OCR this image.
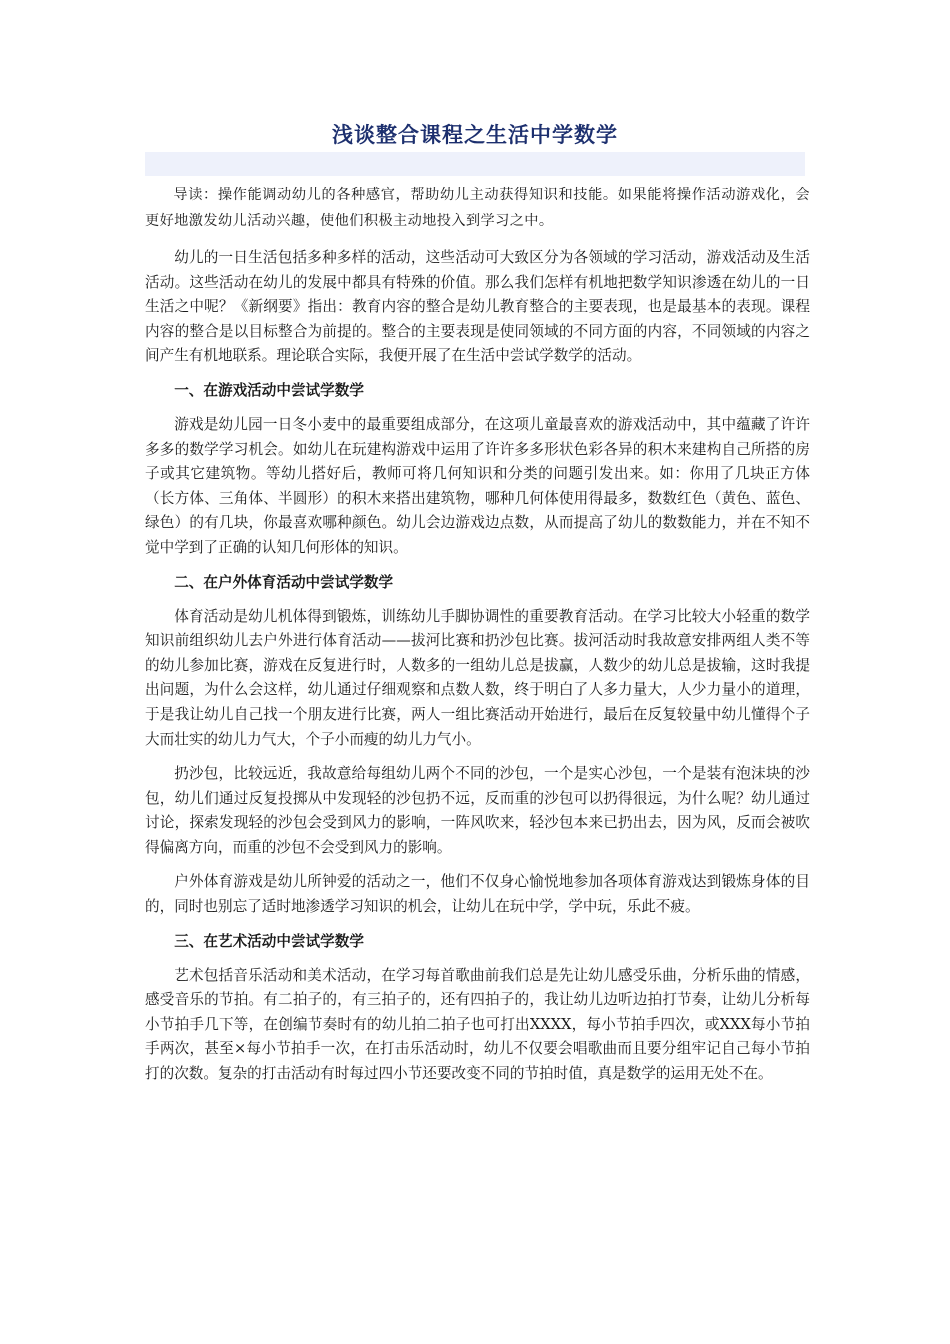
浅谈整合课程之生活中学数学

导读：操作能调动幼儿的各种感官，帮助幼儿主动获得知识和技能。如果能将操作活动游戏化，会更好地激发幼儿活动兴趣，使他们积极主动地投入到学习之中。

幼儿的一日生活包括多种多样的活动，这些活动可大致区分为各领域的学习活动，游戏活动及生活活动。这些活动在幼儿的发展中都具有特殊的价值。那么我们怎样有机地把数学知识渗透在幼儿的一日生活之中呢？《新纲要》指出：教育内容的整合是幼儿教育整合的主要表现，也是最基本的表现。课程内容的整合是以目标整合为前提的。整合的主要表现是使同领域的不同方面的内容，不同领域的内容之间产生有机地联系。理论联合实际，我便开展了在生活中尝试学数学的活动。

一、在游戏活动中尝试学数学

游戏是幼儿园一日冬小麦中的最重要组成部分，在这项儿童最喜欢的游戏活动中，其中蕴藏了许许多多的数学学习机会。如幼儿在玩建构游戏中运用了许许多多形状色彩各异的积木来建构自己所搭的房子或其它建筑物。等幼儿搭好后，教师可将几何知识和分类的问题引发出来。如：你用了几块正方体（长方体、三角体、半圆形）的积木来搭出建筑物，哪种几何体使用得最多，数数红色（黄色、蓝色、绿色）的有几块，你最喜欢哪种颜色。幼儿会边游戏边点数，从而提高了幼儿的数数能力，并在不知不觉中学到了正确的认知几何形体的知识。

二、在户外体育活动中尝试学数学

体育活动是幼儿机体得到锻炼，训练幼儿手脚协调性的重要教育活动。在学习比较大小轻重的数学知识前组织幼儿去户外进行体育活动——拔河比赛和扔沙包比赛。拔河活动时我故意安排两组人类不等的幼儿参加比赛，游戏在反复进行时，人数多的一组幼儿总是拔赢，人数少的幼儿总是拔输，这时我提出问题，为什么会这样，幼儿通过仔细观察和点数人数，终于明白了人多力量大，人少力量小的道理，于是我让幼儿自己找一个朋友进行比赛，两人一组比赛活动开始进行，最后在反复较量中幼儿懂得个子大而壮实的幼儿力气大，个子小而瘦的幼儿力气小。

扔沙包，比较远近，我故意给每组幼儿两个不同的沙包，一个是实心沙包，一个是装有泡沫块的沙包，幼儿们通过反复投掷从中发现轻的沙包扔不远，反而重的沙包可以扔得很远，为什么呢？幼儿通过讨论，探索发现轻的沙包会受到风力的影响，一阵风吹来，轻沙包本来已扔出去，因为风，反而会被吹得偏离方向，而重的沙包不会受到风力的影响。

户外体育游戏是幼儿所钟爱的活动之一，他们不仅身心愉悦地参加各项体育游戏达到锻炼身体的目的，同时也别忘了适时地渗透学习知识的机会，让幼儿在玩中学，学中玩，乐此不疲。

三、在艺术活动中尝试学数学

艺术包括音乐活动和美术活动，在学习每首歌曲前我们总是先让幼儿感受乐曲，分析乐曲的情感，感受音乐的节拍。有二拍子的，有三拍子的，还有四拍子的，我让幼儿边听边拍打节奏，让幼儿分析每小节拍手几下等，在创编节奏时有的幼儿拍二拍子也可打出XXXX，每小节拍手四次，或XXX每小节拍手两次，甚至×每小节拍手一次，在打击乐活动时，幼儿不仅要会唱歌曲而且要分组牢记自己每小节拍打的次数。复杂的打击活动有时每过四小节还要改变不同的节拍时值，真是数学的运用无处不在。
